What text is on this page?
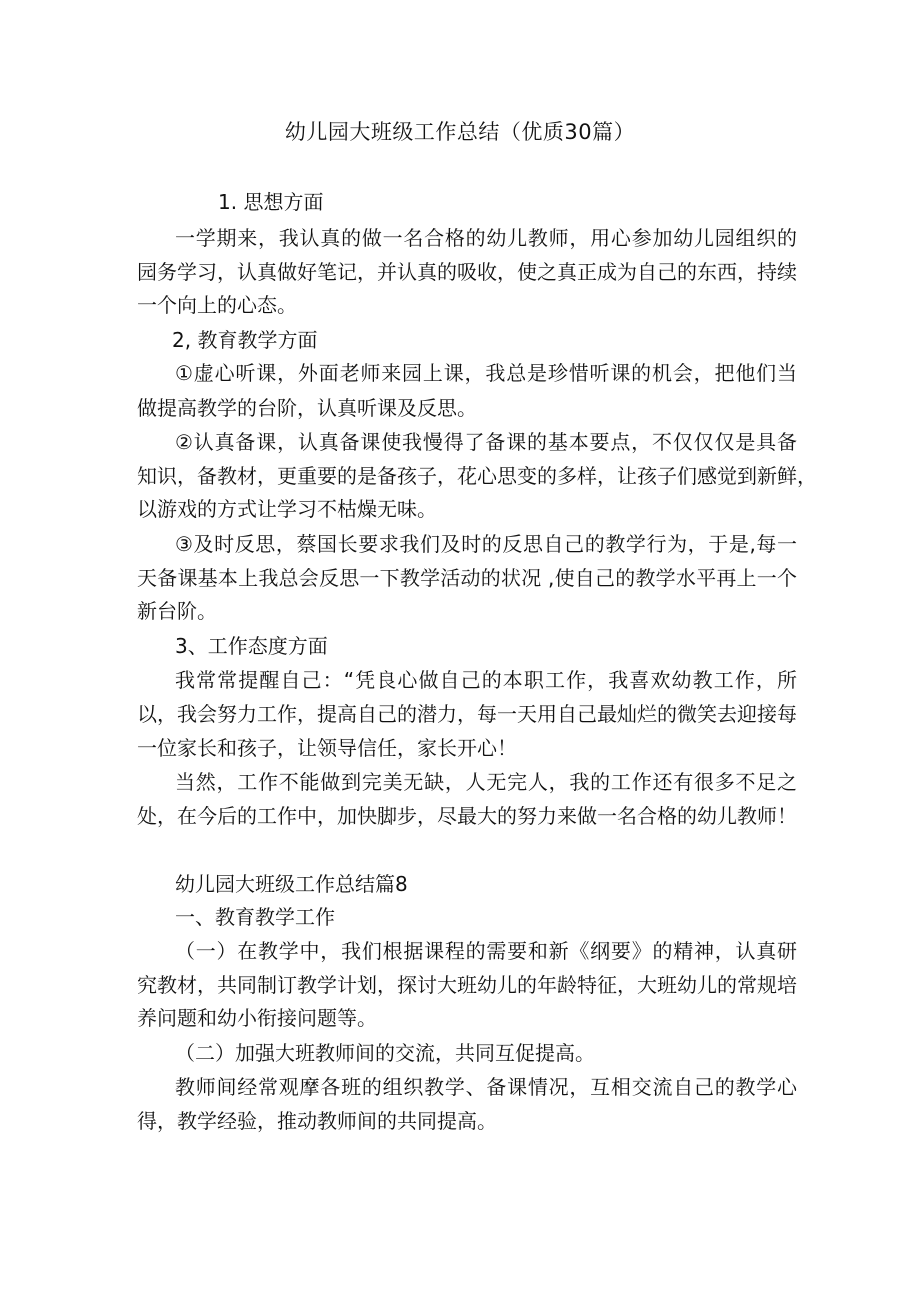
幼儿园大班级工作总结（优质30篇）
1. 思想方面
一学期来，我认真的做一名合格的幼儿教师，用心参加幼儿园组织的
园务学习，认真做好笔记，并认真的吸收，使之真正成为自己的东西，持续
一个向上的心态。
2, 教育教学方面
①虚心听课，外面老师来园上课，我总是珍惜听课的机会，把他们当
做提高教学的台阶，认真听课及反思。
②认真备课，认真备课使我慢得了备课的基本要点，不仅仅仅是具备
知识，备教材，更重要的是备孩子，花心思变的多样，让孩子们感觉到新鲜，
以游戏的方式让学习不枯燥无味。
③及时反思，蔡国长要求我们及时的反思自己的教学行为，于是,每一
天备课基本上我总会反思一下教学活动的状况 ,使自己的教学水平再上一个
新台阶。
3、工作态度方面
我常常提醒自己：“凭良心做自己的本职工作，我喜欢幼教工作，所
以，我会努力工作，提高自己的潜力，每一天用自己最灿烂的微笑去迎接每
一位家长和孩子，让领导信任，家长开心！
当然，工作不能做到完美无缺，人无完人，我的工作还有很多不足之
处，在今后的工作中，加快脚步，尽最大的努力来做一名合格的幼儿教师！
幼儿园大班级工作总结篇8
一、教育教学工作
（一）在教学中，我们根据课程的需要和新《纲要》的精神，认真研
究教材，共同制订教学计划，探讨大班幼儿的年龄特征，大班幼儿的常规培
养问题和幼小衔接问题等。
（二）加强大班教师间的交流，共同互促提高。
教师间经常观摩各班的组织教学、备课情况，互相交流自己的教学心
得，教学经验，推动教师间的共同提高。
